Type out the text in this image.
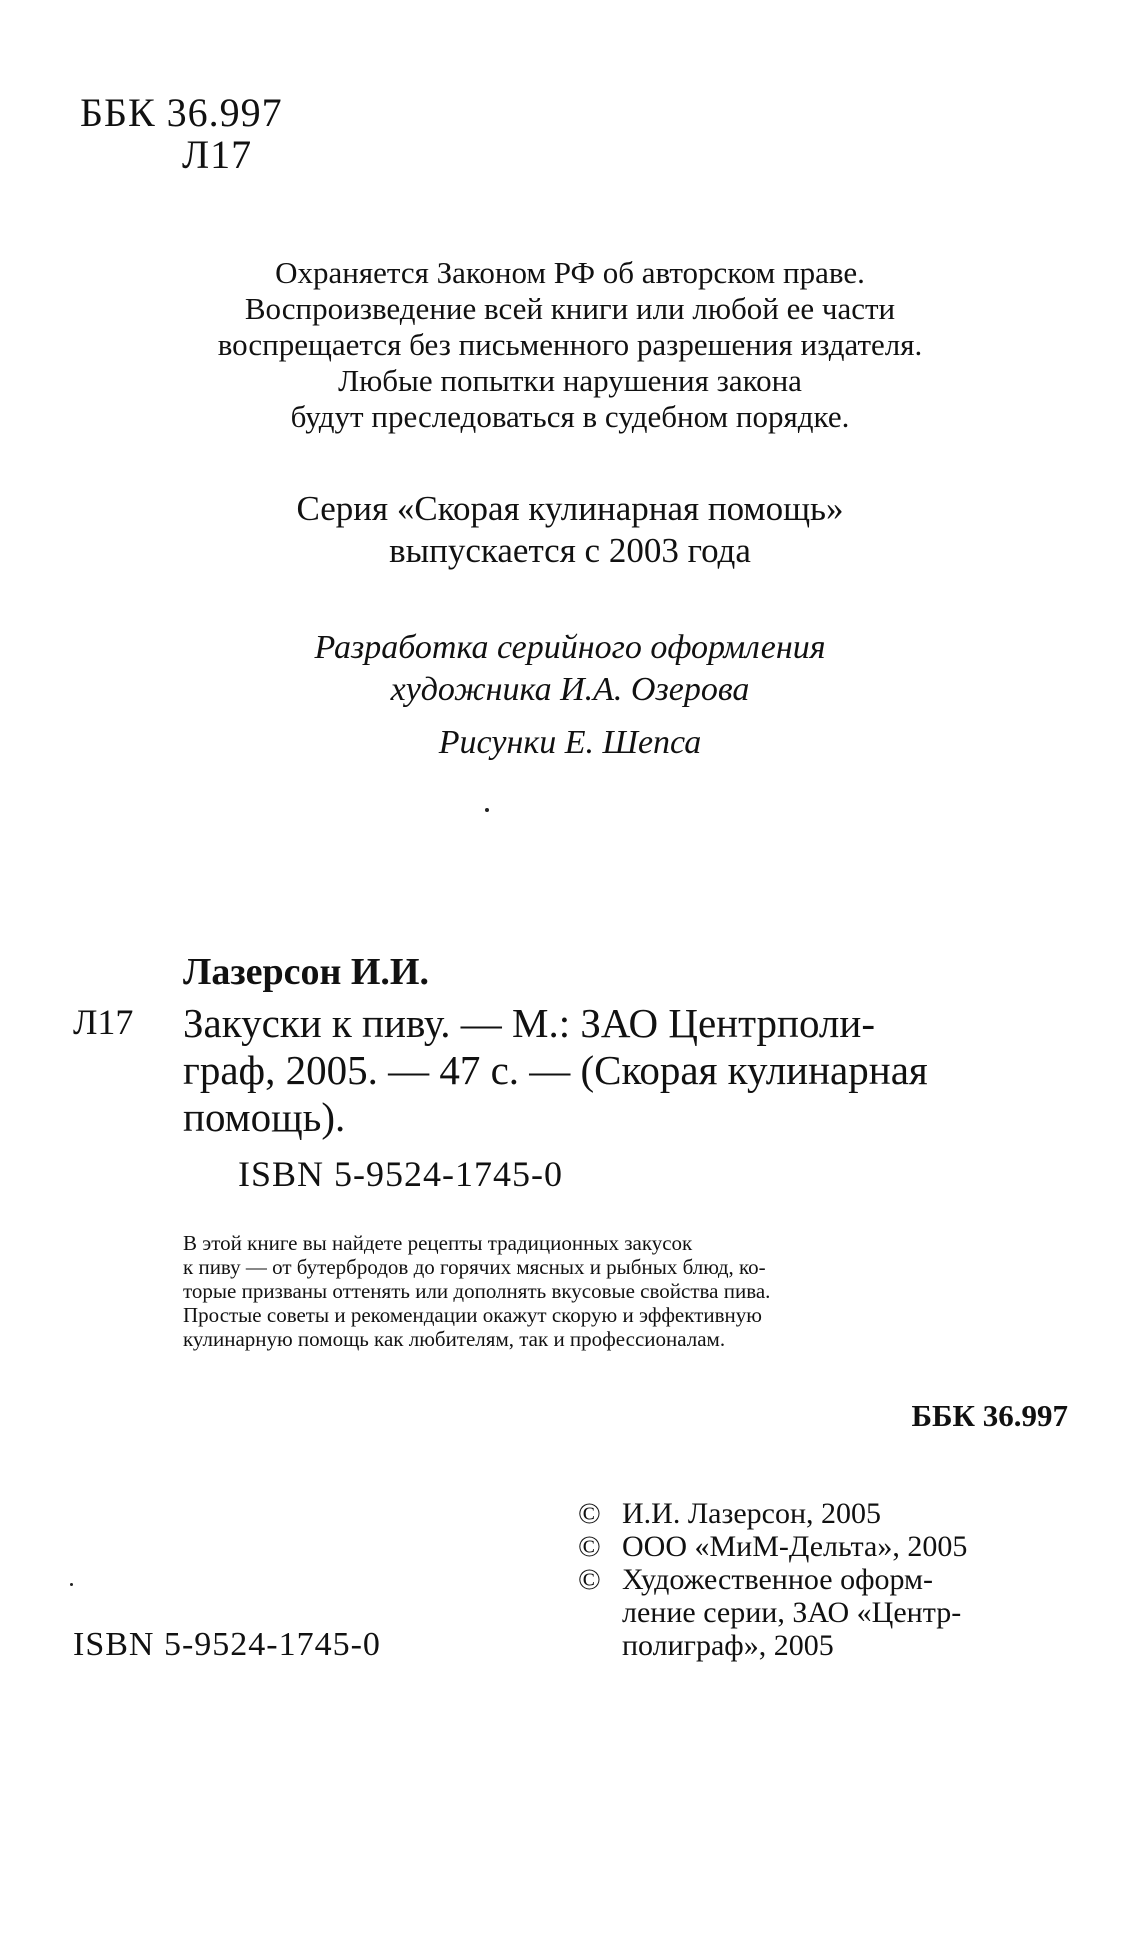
ББК 36.997
Л17
Охраняется Законом РФ об авторском праве.
Воспроизведение всей книги или любой ее части
воспрещается без письменного разрешения издателя.
Любые попытки нарушения закона
будут преследоваться в судебном порядке.
Серия «Скорая кулинарная помощь»
выпускается с 2003 года
Разработка серийного оформления
художника И.А. Озерова
Рисунки Е. Шепса
Лазерсон И.И.
Л17 Закуски к пиву. — М.: ЗАО Центрполи-
граф, 2005. — 47 с. — (Скорая кулинарная
помощь).
ISBN 5-9524-1745-0
В этой книге вы найдете рецепты традиционных закусок
к пиву — от бутербродов до горячих мясных и рыбных блюд, ко-
торые призваны оттенять или дополнять вкусовые свойства пива.
Простые советы и рекомендации окажут скорую и эффективную
кулинарную помощь как любителям, так и профессионалам.
ББК 36.997
© И.И. Лазерсон, 2005
© ООО «МиМ-Дельта», 2005
© Художественное оформ-
ление серии, ЗАО «Центр-
полиграф», 2005
ISBN 5-9524-1745-0
